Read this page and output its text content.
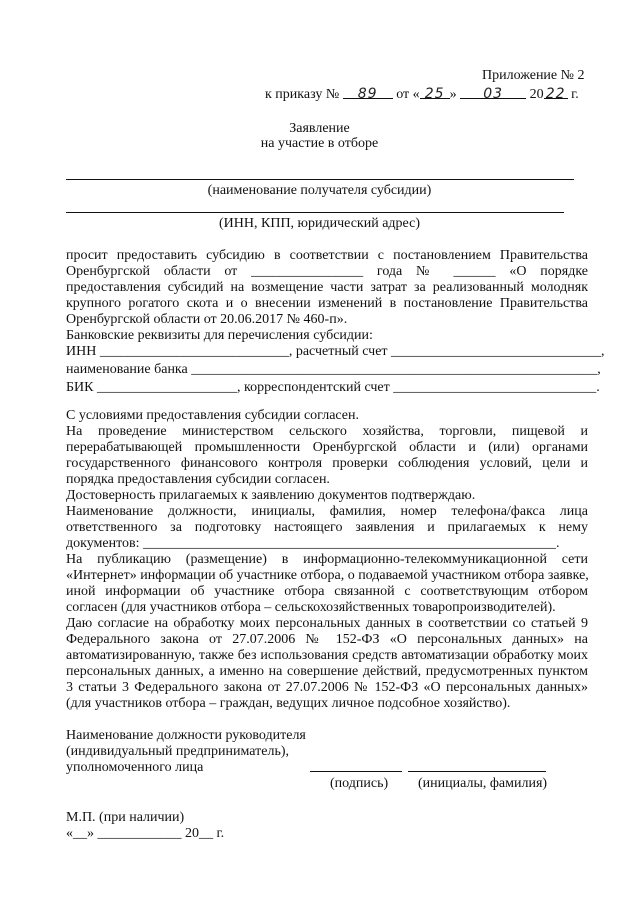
Приложение № 2
к приказу № 89 от « 25 » 03 20 22 г.
Заявление
на участие в отборе
(наименование получателя субсидии)
(ИНН, КПП, юридический адрес)
просит предоставить субсидию в соответствии с постановлением Правительства
Оренбургской области от ________________ года № ______ «О порядке
предоставления субсидий на возмещение части затрат за реализованный молодняк
крупного рогатого скота и о внесении изменений в постановление Правительства
Оренбургской области от 20.06.2017 № 460-п».
Банковские реквизиты для перечисления субсидии:
ИНН ___________________________, расчетный счет ______________________________,
наименование банка __________________________________________________________,
БИК ____________________, корреспондентский счет _____________________________.
С условиями предоставления субсидии согласен.
На проведение министерством сельского хозяйства, торговли, пищевой и
перерабатывающей промышленности Оренбургской области и (или) органами
государственного финансового контроля проверки соблюдения условий, цели и
порядка предоставления субсидии согласен.
Достоверность прилагаемых к заявлению документов подтверждаю.
Наименование должности, инициалы, фамилия, номер телефона/факса лица
ответственного за подготовку настоящего заявления и прилагаемых к нему
документов: ___________________________________________________________.
На публикацию (размещение) в информационно-телекоммуникационной сети
«Интернет» информации об участнике отбора, о подаваемой участником отбора заявке,
иной информации об участнике отбора связанной с соответствующим отбором
согласен (для участников отбора – сельскохозяйственных товаропроизводителей).
Даю согласие на обработку моих персональных данных в соответствии со статьей 9
Федерального закона от 27.07.2006 № 152-ФЗ «О персональных данных» на
автоматизированную, также без использования средств автоматизации обработку моих
персональных данных, а именно на совершение действий, предусмотренных пунктом
3 статьи 3 Федерального закона от 27.07.2006 № 152-ФЗ «О персональных данных»
(для участников отбора – граждан, ведущих личное подсобное хозяйство).
Наименование должности руководителя
(индивидуальный предприниматель),
уполномоченного лица
(подпись) (инициалы, фамилия)
М.П. (при наличии)
«__» ____________ 20__ г.
